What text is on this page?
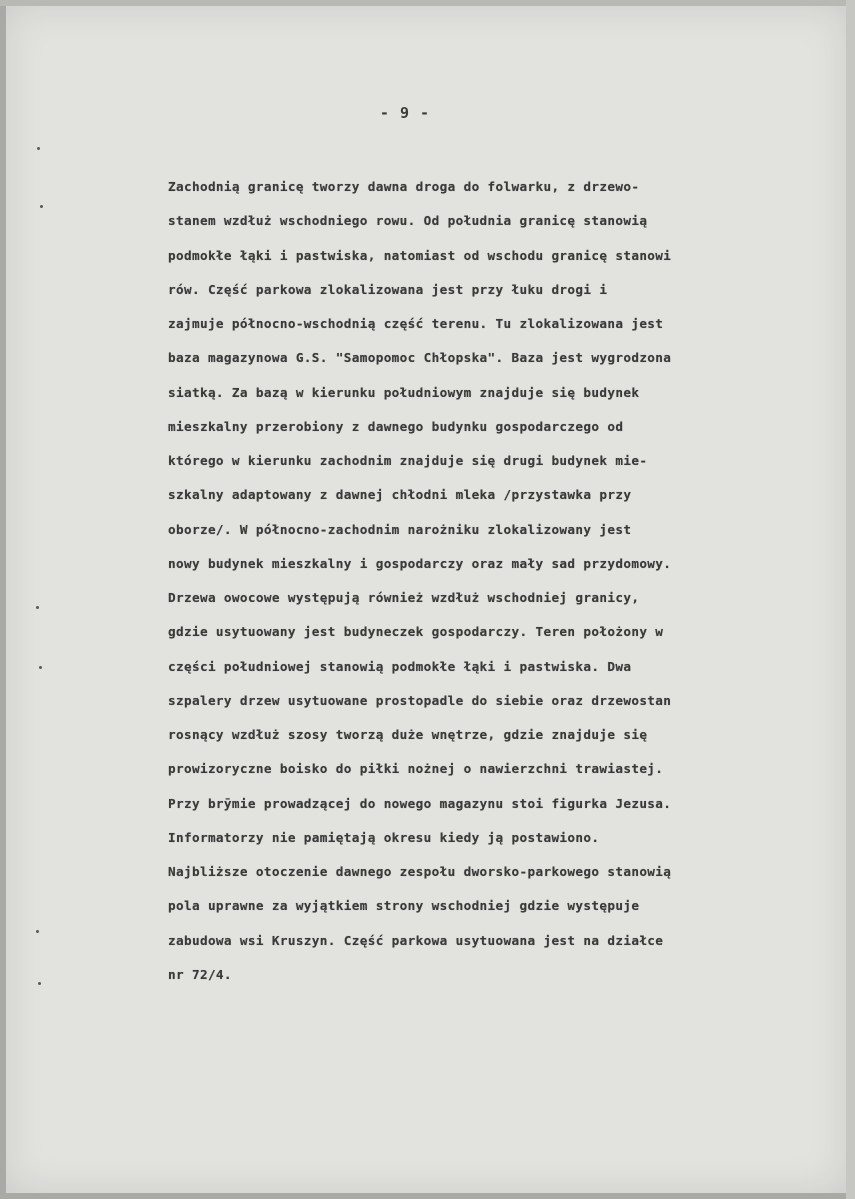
- 9 -
Zachodnią granicę tworzy dawna droga do folwarku, z drzewo-
stanem wzdłuż wschodniego rowu. Od południa granicę stanowią
podmokłe łąki i pastwiska, natomiast od wschodu granicę stanowi
rów. Część parkowa zlokalizowana jest przy łuku drogi i
zajmuje północno-wschodnią część terenu. Tu zlokalizowana jest
baza magazynowa G.S. "Samopomoc Chłopska". Baza jest wygrodzona
siatką. Za bazą w kierunku południowym znajduje się budynek
mieszkalny przerobiony z dawnego budynku gospodarczego od
którego w kierunku zachodnim znajduje się drugi budynek mie-
szkalny adaptowany z dawnej chłodni mleka /przystawka przy
oborze/. W północno-zachodnim narożniku zlokalizowany jest
nowy budynek mieszkalny i gospodarczy oraz mały sad przydomowy.
Drzewa owocowe występują również wzdłuż wschodniej granicy,
gdzie usytuowany jest budyneczek gospodarczy. Teren położony w
części południowej stanowią podmokłe łąki i pastwiska. Dwa
szpalery drzew usytuowane prostopadle do siebie oraz drzewostan
rosnący wzdłuż szosy tworzą duże wnętrze, gdzie znajduje się
prowizoryczne boisko do piłki nożnej o nawierzchni trawiastej.
Przy brӯmie prowadzącej do nowego magazynu stoi figurka Jezusa.
Informatorzy nie pamiętają okresu kiedy ją postawiono.
Najbliższe otoczenie dawnego zespołu dworsko-parkowego stanowią
pola uprawne za wyjątkiem strony wschodniej gdzie występuje
zabudowa wsi Kruszyn. Część parkowa usytuowana jest na działce
nr 72/4.
